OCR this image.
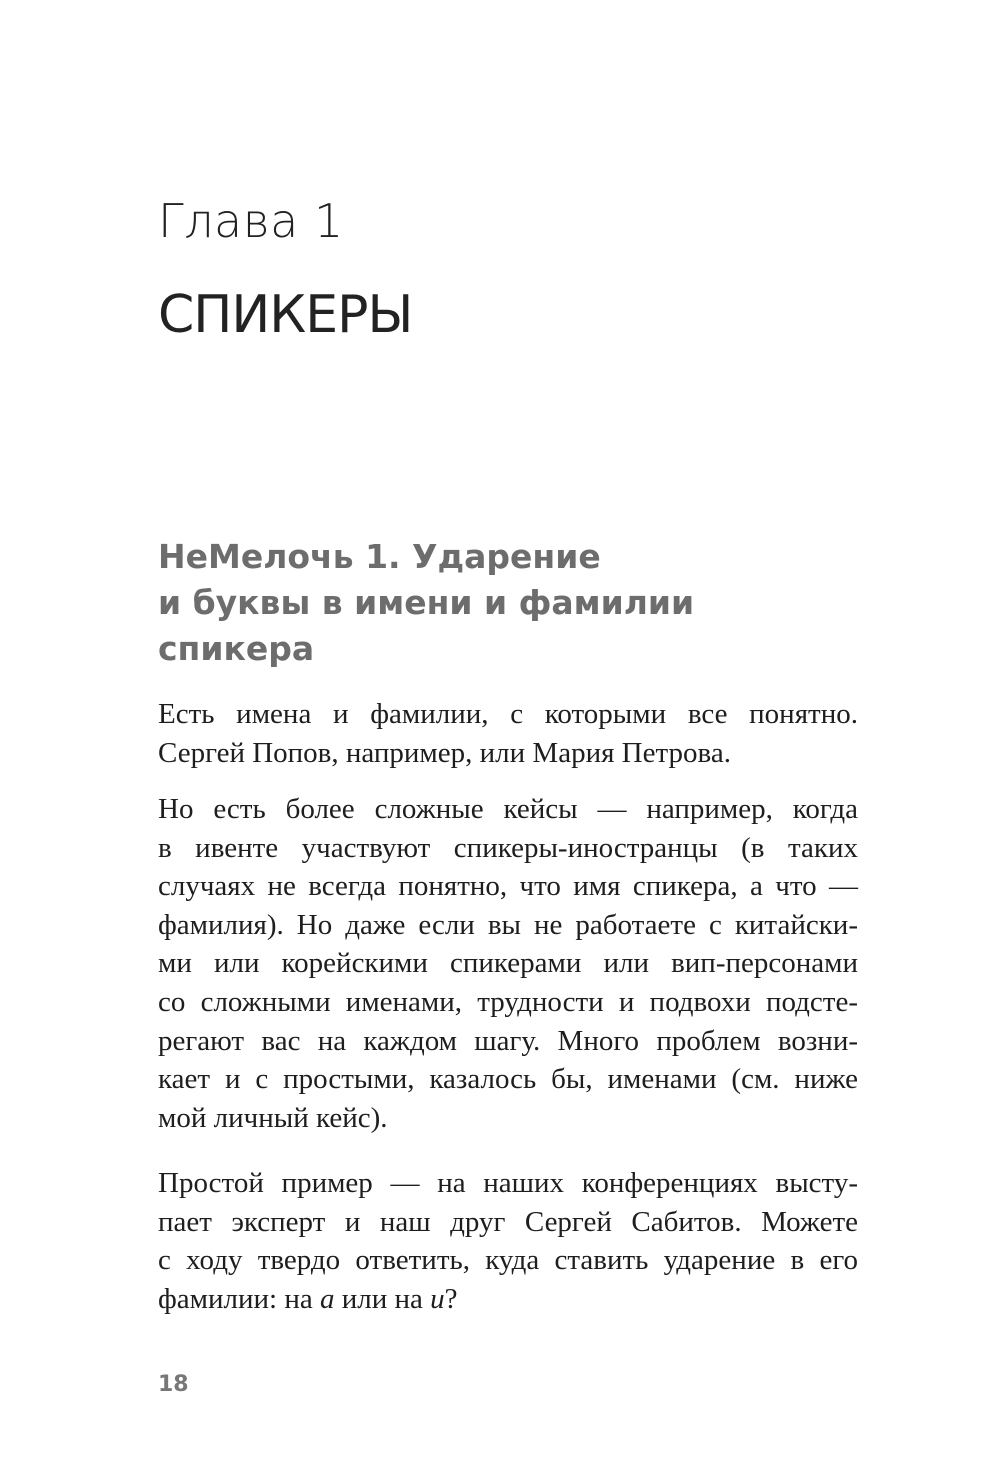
Глава 1
СПИКЕРЫ
НеМелочь 1. Ударение
и буквы в имени и фамилии
спикера
Есть имена и фамилии, с которыми все понятно.
Сергей Попов, например, или Мария Петрова.
Но есть более сложные кейсы — например, когда
в ивенте участвуют спикеры-иностранцы (в таких
случаях не всегда понятно, что имя спикера, а что —
фамилия). Но даже если вы не работаете с китайски-
ми или корейскими спикерами или вип-персонами
со сложными именами, трудности и подвохи подсте-
регают вас на каждом шагу. Много проблем возни-
кает и с простыми, казалось бы, именами (см. ниже
мой личный кейс).
Простой пример — на наших конференциях высту-
пает эксперт и наш друг Сергей Сабитов. Можете
с ходу твердо ответить, куда ставить ударение в его
фамилии: на а или на и?
18
